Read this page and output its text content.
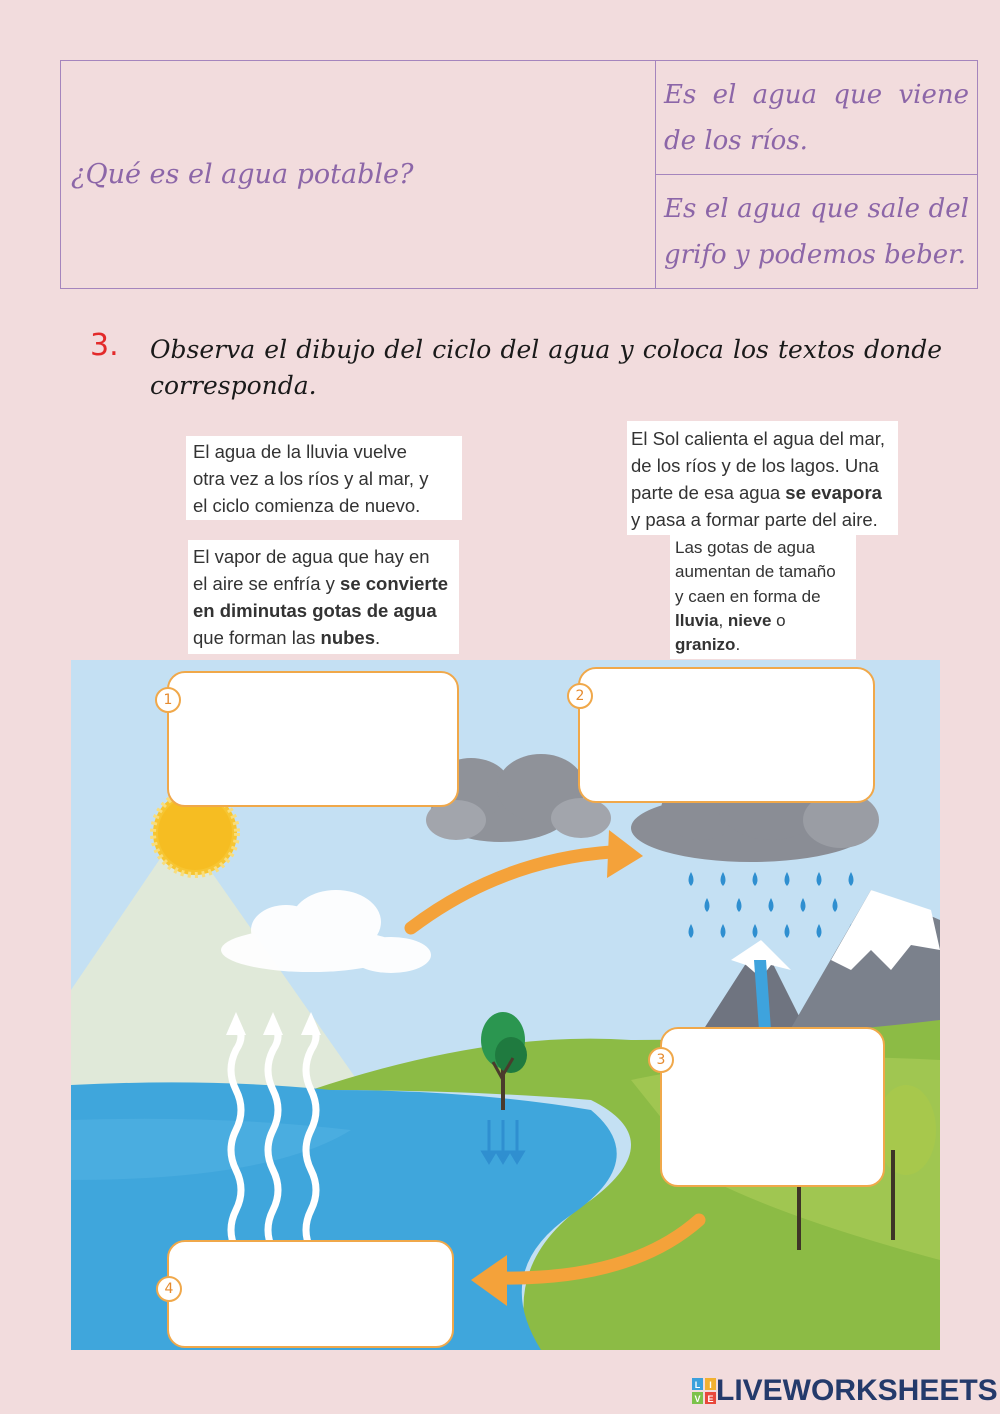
¿Qué es el agua potable?	Es el agua que viene de los ríos.
Es el agua que sale del grifo y podemos beber.
3. Observa el dibujo del ciclo del agua y coloca los textos donde corresponda.
El agua de la lluvia vuelve
otra vez a los ríos y al mar, y
el ciclo comienza de nuevo.
El Sol calienta el agua del mar,
de los ríos y de los lagos. Una
parte de esa agua se evapora
y pasa a formar parte del aire.
El vapor de agua que hay en
el aire se enfría y se convierte
en diminutas gotas de agua
que forman las nubes.
Las gotas de agua
aumentan de tamaño
y caen en forma de
lluvia, nieve o
granizo.
1	2
3
4
L I
V E LIVEWORKSHEETS
